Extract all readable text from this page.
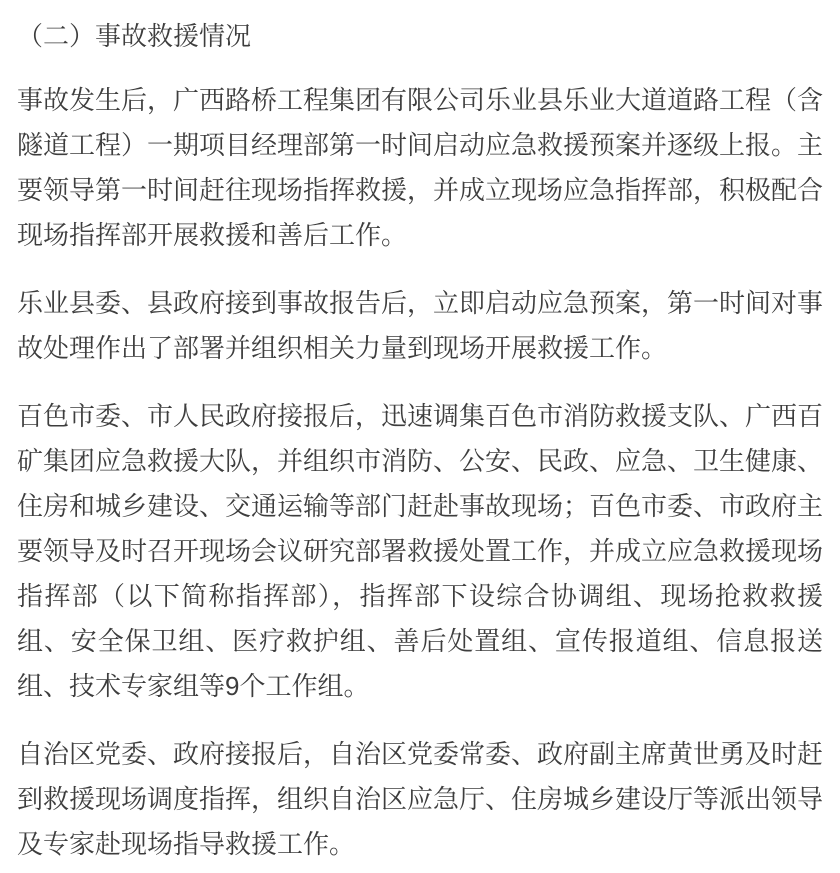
（二）事故救援情况

事故发生后，广西路桥工程集团有限公司乐业县乐业大道道路工程（含隧道工程）一期项目经理部第一时间启动应急救援预案并逐级上报。主要领导第一时间赶往现场指挥救援，并成立现场应急指挥部，积极配合现场指挥部开展救援和善后工作。

乐业县委、县政府接到事故报告后，立即启动应急预案，第一时间对事故处理作出了部署并组织相关力量到现场开展救援工作。

百色市委、市人民政府接报后，迅速调集百色市消防救援支队、广西百矿集团应急救援大队，并组织市消防、公安、民政、应急、卫生健康、住房和城乡建设、交通运输等部门赶赴事故现场；百色市委、市政府主要领导及时召开现场会议研究部署救援处置工作，并成立应急救援现场指挥部（以下简称指挥部），指挥部下设综合协调组、现场抢救救援组、安全保卫组、医疗救护组、善后处置组、宣传报道组、信息报送组、技术专家组等9个工作组。

自治区党委、政府接报后，自治区党委常委、政府副主席黄世勇及时赶到救援现场调度指挥，组织自治区应急厅、住房城乡建设厅等派出领导及专家赴现场指导救援工作。
